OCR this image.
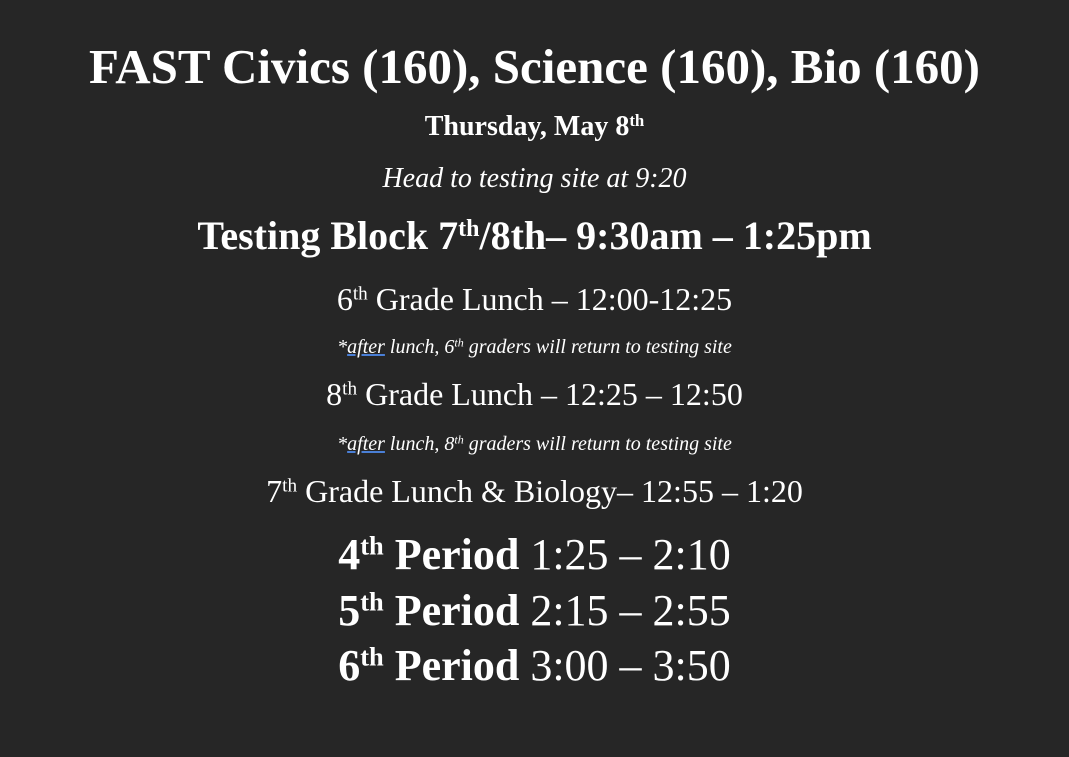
FAST Civics (160), Science (160), Bio (160)
Thursday, May 8th
Head to testing site at 9:20
Testing Block 7th/8th– 9:30am – 1:25pm
6th Grade Lunch – 12:00-12:25
*after lunch, 6th graders will return to testing site
8th Grade Lunch – 12:25 – 12:50
*after lunch, 8th graders will return to testing site
7th Grade Lunch & Biology– 12:55 – 1:20
4th Period 1:25 – 2:10
5th Period 2:15 – 2:55
6th Period 3:00 – 3:50
